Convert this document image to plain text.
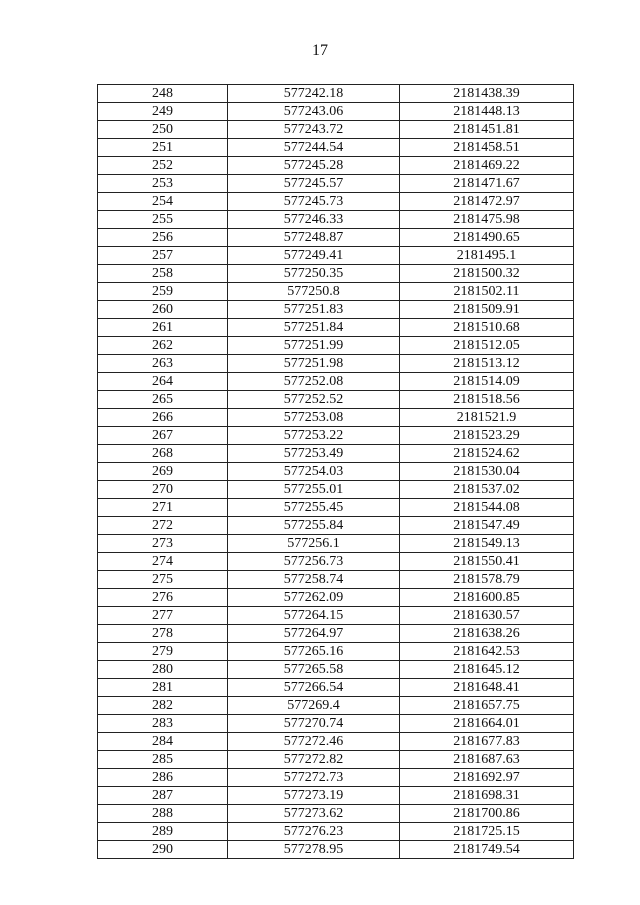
17
248	577242.18	2181438.39
249	577243.06	2181448.13
250	577243.72	2181451.81
251	577244.54	2181458.51
252	577245.28	2181469.22
253	577245.57	2181471.67
254	577245.73	2181472.97
255	577246.33	2181475.98
256	577248.87	2181490.65
257	577249.41	2181495.1
258	577250.35	2181500.32
259	577250.8	2181502.11
260	577251.83	2181509.91
261	577251.84	2181510.68
262	577251.99	2181512.05
263	577251.98	2181513.12
264	577252.08	2181514.09
265	577252.52	2181518.56
266	577253.08	2181521.9
267	577253.22	2181523.29
268	577253.49	2181524.62
269	577254.03	2181530.04
270	577255.01	2181537.02
271	577255.45	2181544.08
272	577255.84	2181547.49
273	577256.1	2181549.13
274	577256.73	2181550.41
275	577258.74	2181578.79
276	577262.09	2181600.85
277	577264.15	2181630.57
278	577264.97	2181638.26
279	577265.16	2181642.53
280	577265.58	2181645.12
281	577266.54	2181648.41
282	577269.4	2181657.75
283	577270.74	2181664.01
284	577272.46	2181677.83
285	577272.82	2181687.63
286	577272.73	2181692.97
287	577273.19	2181698.31
288	577273.62	2181700.86
289	577276.23	2181725.15
290	577278.95	2181749.54
